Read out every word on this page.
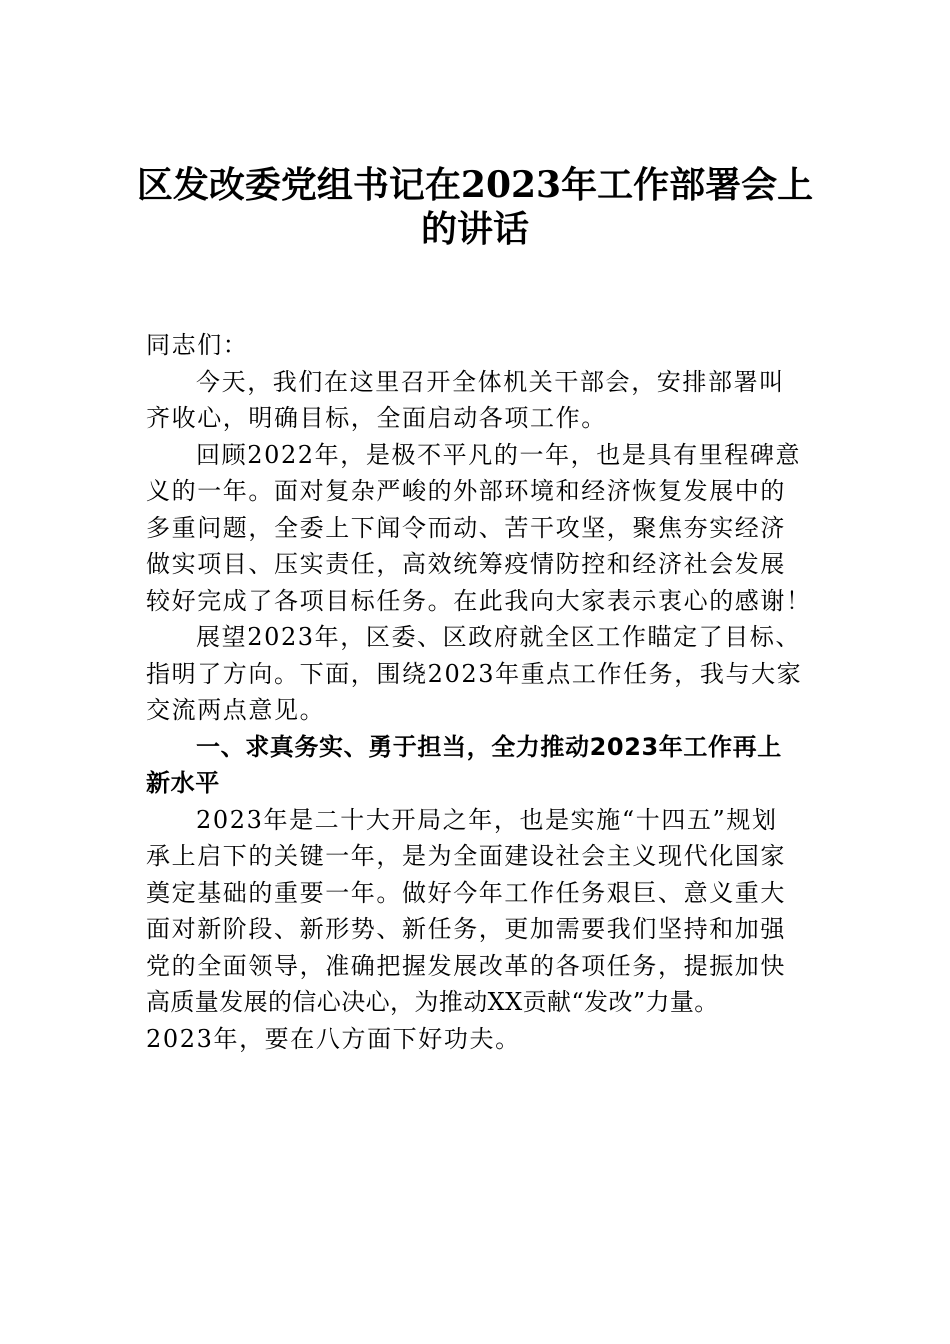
区发改委党组书记在2023年工作部署会上
的讲话
同志们：
今天，我们在这里召开全体机关干部会，安排部署叫
齐收心，明确目标，全面启动各项工作。
回顾2022年，是极不平凡的一年，也是具有里程碑意
义的一年。面对复杂严峻的外部环境和经济恢复发展中的
多重问题，全委上下闻令而动、苦干攻坚，聚焦夯实经济
做实项目、压实责任，高效统筹疫情防控和经济社会发展
较好完成了各项目标任务。在此我向大家表示衷心的感谢！
展望2023年，区委、区政府就全区工作瞄定了目标、
指明了方向。下面，围绕2023年重点工作任务，我与大家
交流两点意见。
一、求真务实、勇于担当，全力推动2023年工作再上
新水平
2023年是二十大开局之年，也是实施“十四五”规划
承上启下的关键一年，是为全面建设社会主义现代化国家
奠定基础的重要一年。做好今年工作任务艰巨、意义重大
面对新阶段、新形势、新任务，更加需要我们坚持和加强
党的全面领导，准确把握发展改革的各项任务，提振加快
高质量发展的信心决心，为推动XX贡献“发改”力量。
2023年，要在八方面下好功夫。
